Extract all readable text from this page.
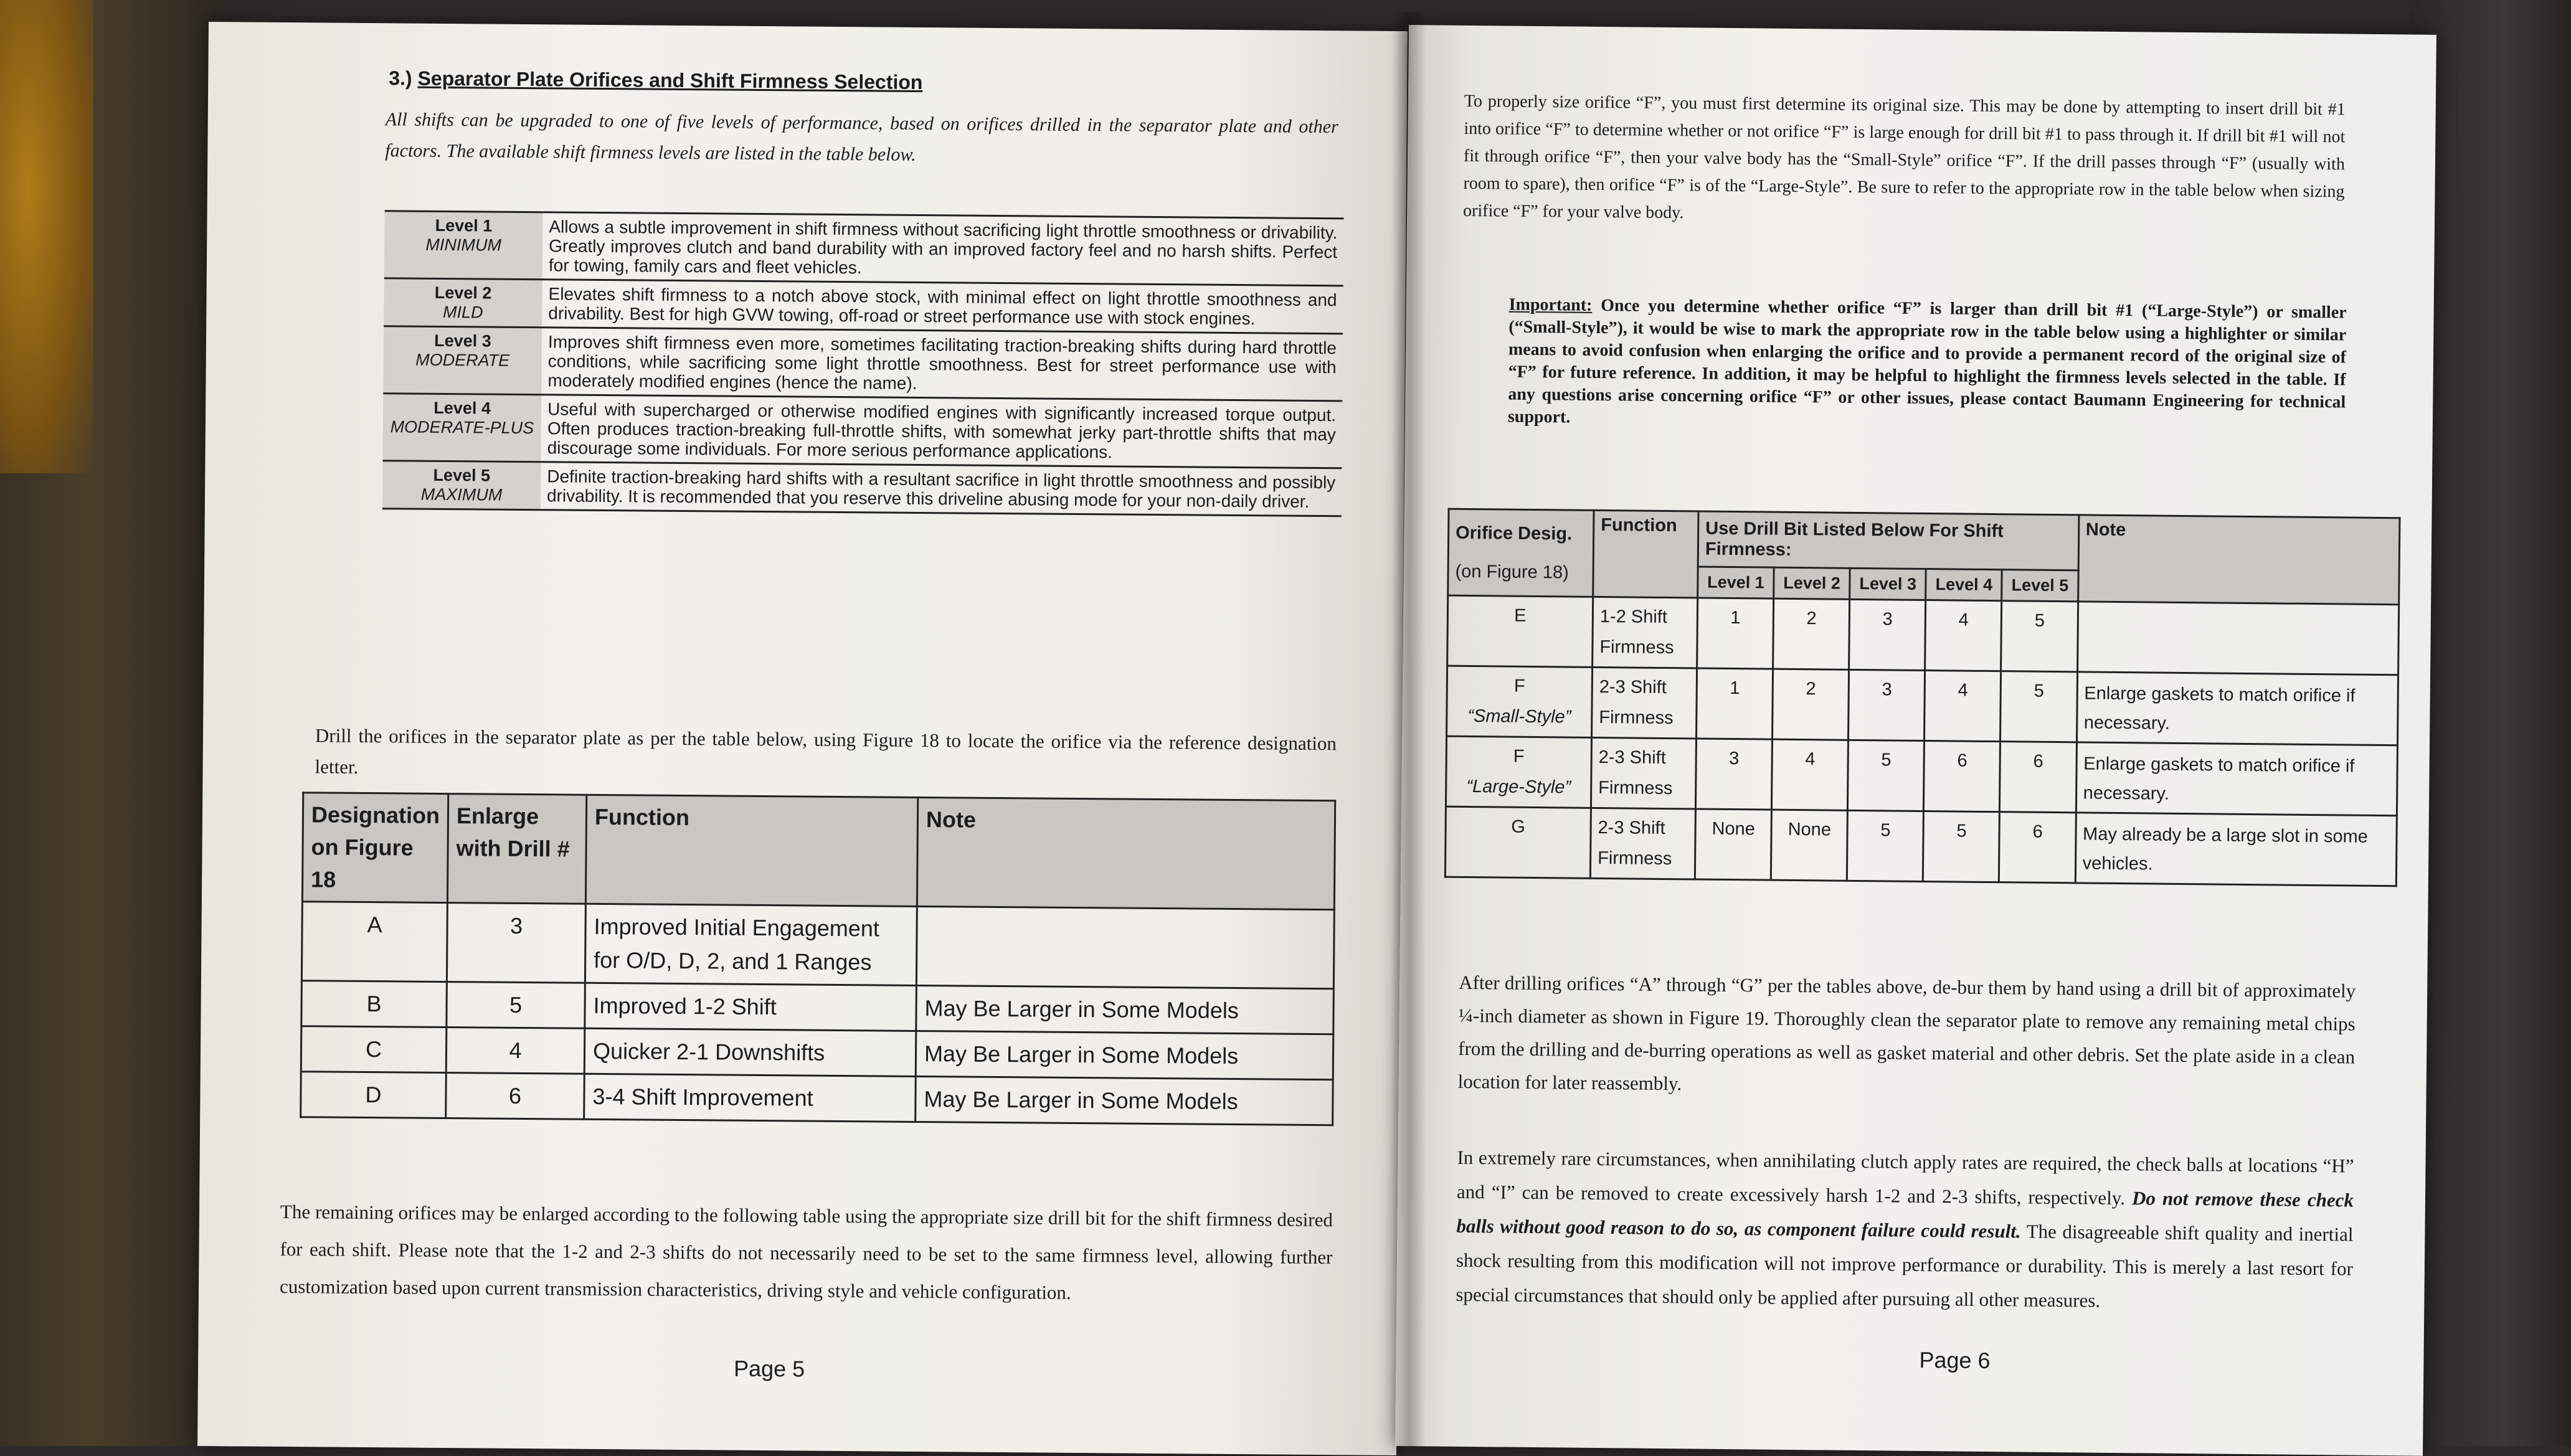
3.) Separator Plate Orifices and Shift Firmness Selection
All shifts can be upgraded to one of five levels of performance, based on orifices drilled in the separator plate and other factors. The available shift firmness levels are listed in the table below.
Level 1
MINIMUM	Allows a subtle improvement in shift firmness without sacrificing light throttle smoothness or drivability. Greatly improves clutch and band durability with an improved factory feel and no harsh shifts. Perfect for towing, family cars and fleet vehicles.

Level 2
MILD	Elevates shift firmness to a notch above stock, with minimal effect on light throttle smoothness and drivability. Best for high GVW towing, off-road or street performance use with stock engines.

Level 3
MODERATE	Improves shift firmness even more, sometimes facilitating traction-breaking shifts during hard throttle conditions, while sacrificing some light throttle smoothness. Best for street performance use with moderately modified engines (hence the name).

Level 4
MODERATE-PLUS	Useful with supercharged or otherwise modified engines with significantly increased torque output. Often produces traction-breaking full-throttle shifts, with somewhat jerky part-throttle shifts that may discourage some individuals. For more serious performance applications.

Level 5
MAXIMUM	Definite traction-breaking hard shifts with a resultant sacrifice in light throttle smoothness and possibly drivability. It is recommended that you reserve this driveline abusing mode for your non-daily driver.
Drill the orifices in the separator plate as per the table below, using Figure 18 to locate the orifice via the reference designation letter.
Designation on Figure 18	Enlarge with Drill #	Function	Note
A	3	Improved Initial Engagement for O/D, D, 2, and 1 Ranges	
B	5	Improved 1-2 Shift	May Be Larger in Some Models
C	4	Quicker 2-1 Downshifts	May Be Larger in Some Models
D	6	3-4 Shift Improvement	May Be Larger in Some Models
The remaining orifices may be enlarged according to the following table using the appropriate size drill bit for the shift firmness desired for each shift. Please note that the 1-2 and 2-3 shifts do not necessarily need to be set to the same firmness level, allowing further customization based upon current transmission characteristics, driving style and vehicle configuration.
Page 5
To properly size orifice “F”, you must first determine its original size. This may be done by attempting to insert drill bit #1 into orifice “F” to determine whether or not orifice “F” is large enough for drill bit #1 to pass through it. If drill bit #1 will not fit through orifice “F”, then your valve body has the “Small-Style” orifice “F”. If the drill passes through “F” (usually with room to spare), then orifice “F” is of the “Large-Style”. Be sure to refer to the appropriate row in the table below when sizing orifice “F” for your valve body.
Important: Once you determine whether orifice “F” is larger than drill bit #1 (“Large-Style”) or smaller (“Small-Style”), it would be wise to mark the appropriate row in the table below using a highlighter or similar means to avoid confusion when enlarging the orifice and to provide a permanent record of the original size of “F” for future reference. In addition, it may be helpful to highlight the firmness levels selected in the table. If any questions arise concerning orifice “F” or other issues, please contact Baumann Engineering for technical support.
Orifice Desig.
(on Figure 18)	Function	Use Drill Bit Listed Below For Shift Firmness:					Note
		Level 1	Level 2	Level 3	Level 4	Level 5	

E	1-2 Shift Firmness	1	2	3	4	5	

F
“Small-Style”	2-3 Shift Firmness	1	2	3	4	5	Enlarge gaskets to match orifice if necessary.

F
“Large-Style”	2-3 Shift Firmness	3	4	5	6	6	Enlarge gaskets to match orifice if necessary.

G	2-3 Shift Firmness	None	None	5	5	6	May already be a large slot in some vehicles.
After drilling orifices “A” through “G” per the tables above, de-bur them by hand using a drill bit of approximately ¼-inch diameter as shown in Figure 19. Thoroughly clean the separator plate to remove any remaining metal chips from the drilling and de-burring operations as well as gasket material and other debris. Set the plate aside in a clean location for later reassembly.
In extremely rare circumstances, when annihilating clutch apply rates are required, the check balls at locations “H” and “I” can be removed to create excessively harsh 1-2 and 2-3 shifts, respectively. Do not remove these check balls without good reason to do so, as component failure could result. The disagreeable shift quality and inertial shock resulting from this modification will not improve performance or durability. This is merely a last resort for special circumstances that should only be applied after pursuing all other measures.
Page 6
